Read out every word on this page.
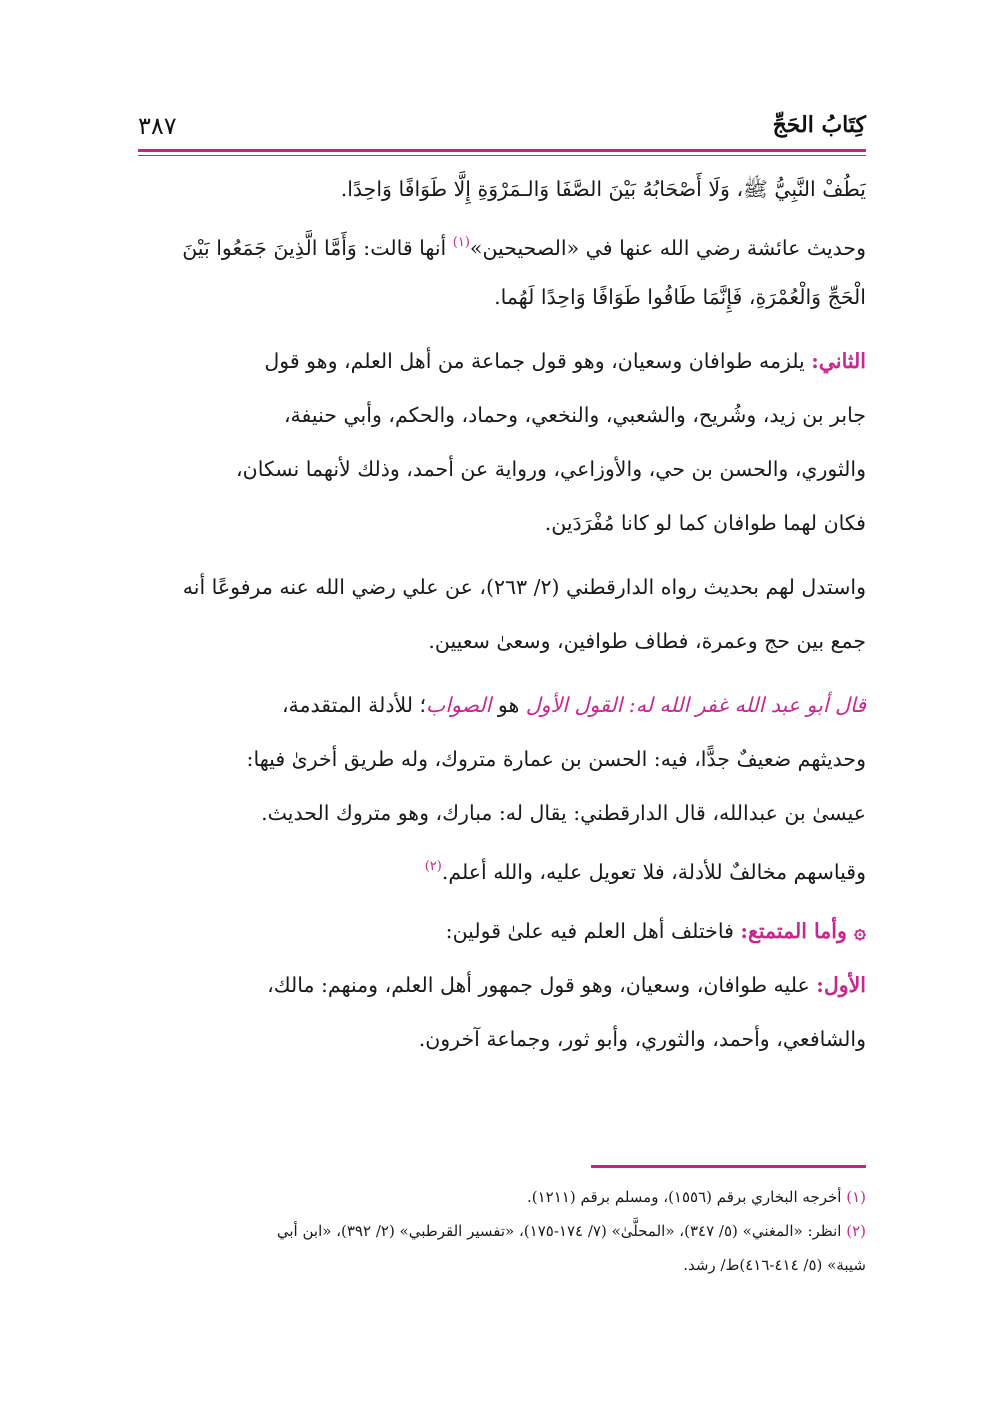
كِتَابُ الحَجِّ
٣٨٧
يَطُفْ النَّبِيُّ ﷺ، وَلَا أَصْحَابُهُ بَيْنَ الصَّفَا وَالـمَرْوَةِ إِلَّا طَوَافًا وَاحِدًا.
وحديث عائشة رضي الله عنها في «الصحيحين»$^{(١)}$ أنها قالت: وَأَمَّا الَّذِينَ جَمَعُوا بَيْنَ
الْحَجِّ وَالْعُمْرَةِ، فَإِنَّمَا طَافُوا طَوَافًا وَاحِدًا لَهُما.
الثاني: يلزمه طوافان وسعيان، وهو قول جماعة من أهل العلم، وهو قول
جابر بن زيد، وشُريح، والشعبي، والنخعي، وحماد، والحكم، وأبي حنيفة،
والثوري، والحسن بن حي، والأوزاعي، ورواية عن أحمد، وذلك لأنهما نسكان،
فكان لهما طوافان كما لو كانا مُفْرَدَين.
واستدل لهم بحديث رواه الدارقطني (٢/ ٢٦٣)، عن علي رضي الله عنه مرفوعًا أنه
جمع بين حج وعمرة، فطاف طوافين، وسعىٰ سعيين.
قال أبو عبد الله غفر الله له: القول الأول هو الصواب؛ للأدلة المتقدمة،
وحديثهم ضعيفٌ جدًّا، فيه: الحسن بن عمارة متروك، وله طريق أخرىٰ فيها:
عيسىٰ بن عبدالله، قال الدارقطني: يقال له: مبارك، وهو متروك الحديث.
وقياسهم مخالفٌ للأدلة، فلا تعويل عليه، والله أعلم.$^{(٢)}$
۞ وأما المتمتع: فاختلف أهل العلم فيه علىٰ قولين:
الأول: عليه طوافان، وسعيان، وهو قول جمهور أهل العلم، ومنهم: مالك،
والشافعي، وأحمد، والثوري، وأبو ثور، وجماعة آخرون.
(١) أخرجه البخاري برقم (١٥٥٦)، ومسلم برقم (١٢١١).
(٢) انظر: «المغني» (٥/ ٣٤٧)، «المحلَّىٰ» (٧/ ١٧٤-١٧٥)، «تفسير القرطبي» (٢/ ٣٩٢)، «ابن أبي
شيبة» (٥/ ٤١٤-٤١٦)ط/ رشد.
